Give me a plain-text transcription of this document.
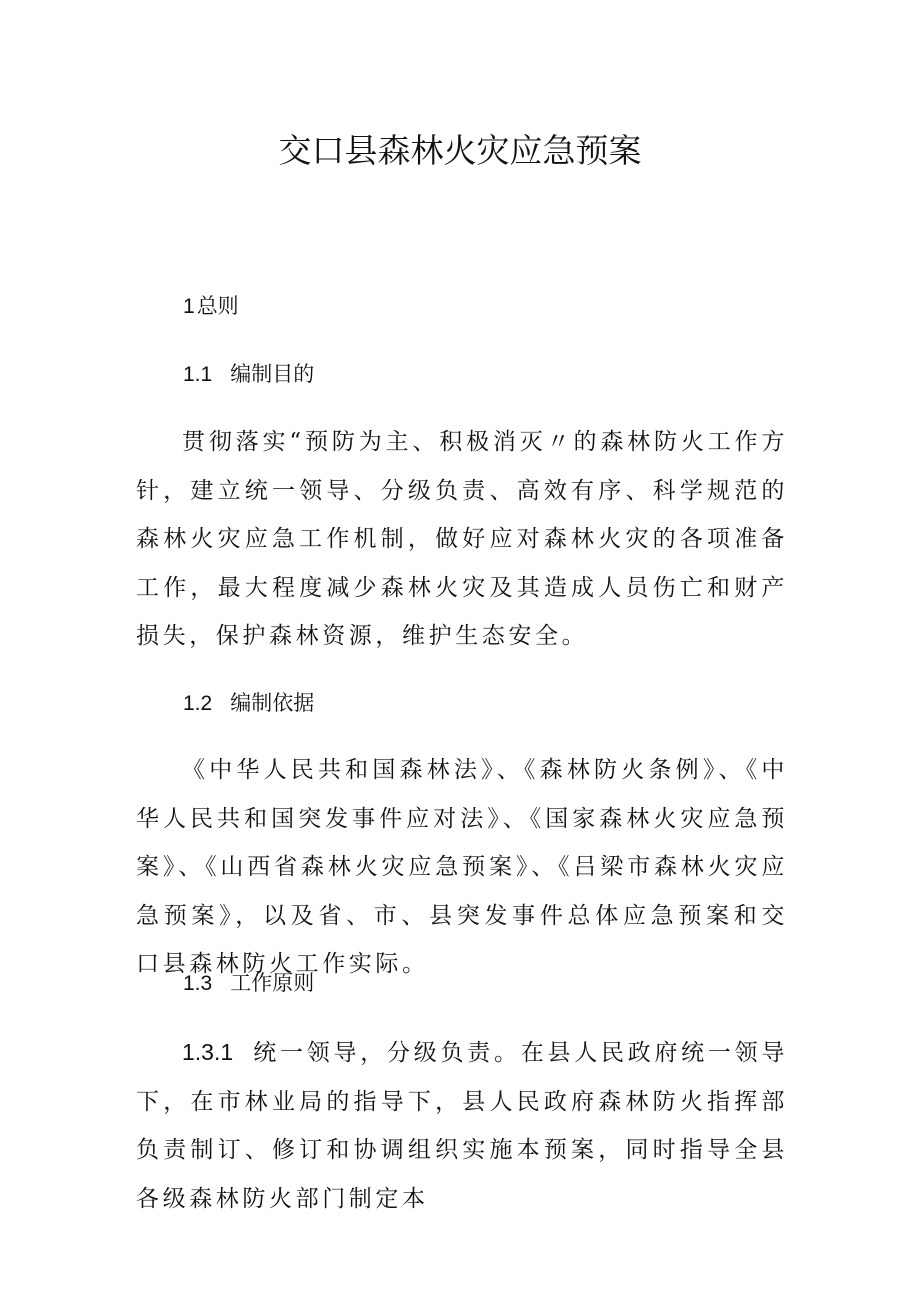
交口县森林火灾应急预案
1总则
1.1 编制目的

贯彻落实“预防为主、积极消灭〃的森林防火工作方针，建立统一领导、分级负责、高效有序、科学规范的森林火灾应急工作机制，做好应对森林火灾的各项准备工作，最大程度减少森林火灾及其造成人员伤亡和财产损失，保护森林资源，维护生态安全。

1.2 编制依据

《中华人民共和国森林法》、《森林防火条例》、《中华人民共和国突发事件应对法》、《国家森林火灾应急预案》、《山西省森林火灾应急预案》、《吕梁市森林火灾应急预案》，以及省、市、县突发事件总体应急预案和交口县森林防火工作实际。

1.3 工作原则

1.3.1 统一领导，分级负责。在县人民政府统一领导下，在市林业局的指导下，县人民政府森林防火指挥部负责制订、修订和协调组织实施本预案，同时指导全县各级森林防火部门制定本
